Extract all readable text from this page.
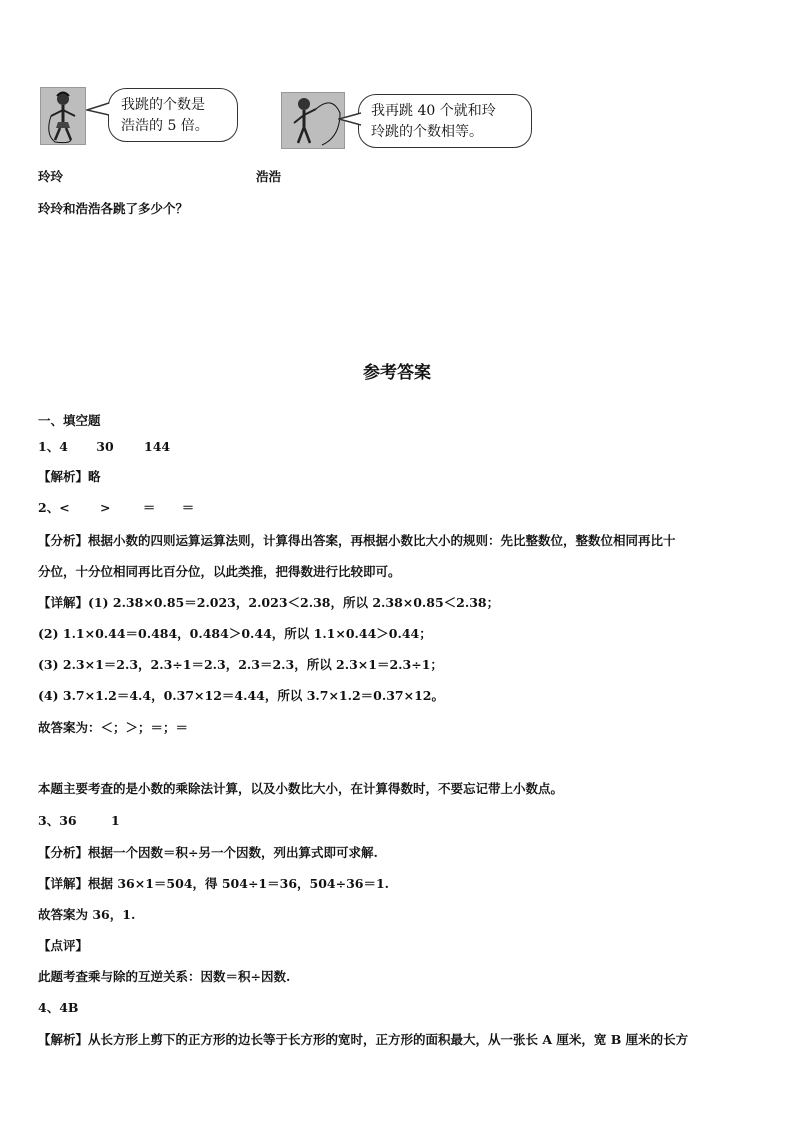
我跳的个数是
浩浩的 5 倍。
我再跳 40 个就和玲
玲跳的个数相等。
玲玲	浩浩
玲玲和浩浩各跳了多少个？
参考答案
一、填空题
1、4 30 144
【解析】略
2、< >	＝ ＝
【分析】根据小数的四则运算运算法则，计算得出答案，再根据小数比大小的规则：先比整数位，整数位相同再比十
分位，十分位相同再比百分位，以此类推，把得数进行比较即可。
【详解】(1) 2.38×0.85＝2.023，2.023＜2.38，所以 2.38×0.85＜2.38；
(2) 1.1×0.44＝0.484，0.484＞0.44，所以 1.1×0.44＞0.44；
(3) 2.3×1＝2.3，2.3÷1＝2.3，2.3＝2.3，所以 2.3×1＝2.3÷1；
(4) 3.7×1.2＝4.4，0.37×12＝4.44，所以 3.7×1.2＝0.37×12。
故答案为：＜；＞；＝；＝
本题主要考查的是小数的乘除法计算，以及小数比大小，在计算得数时，不要忘记带上小数点。
3、36	1
【分析】根据一个因数＝积÷另一个因数，列出算式即可求解.
【详解】根据 36×1＝504，得 504÷1＝36，504÷36＝1.
故答案为 36，1.
【点评】
此题考查乘与除的互逆关系：因数＝积÷因数.
4、4B
【解析】从长方形上剪下的正方形的边长等于长方形的宽时，正方形的面积最大，从一张长 A 厘米，宽 B 厘米的长方
